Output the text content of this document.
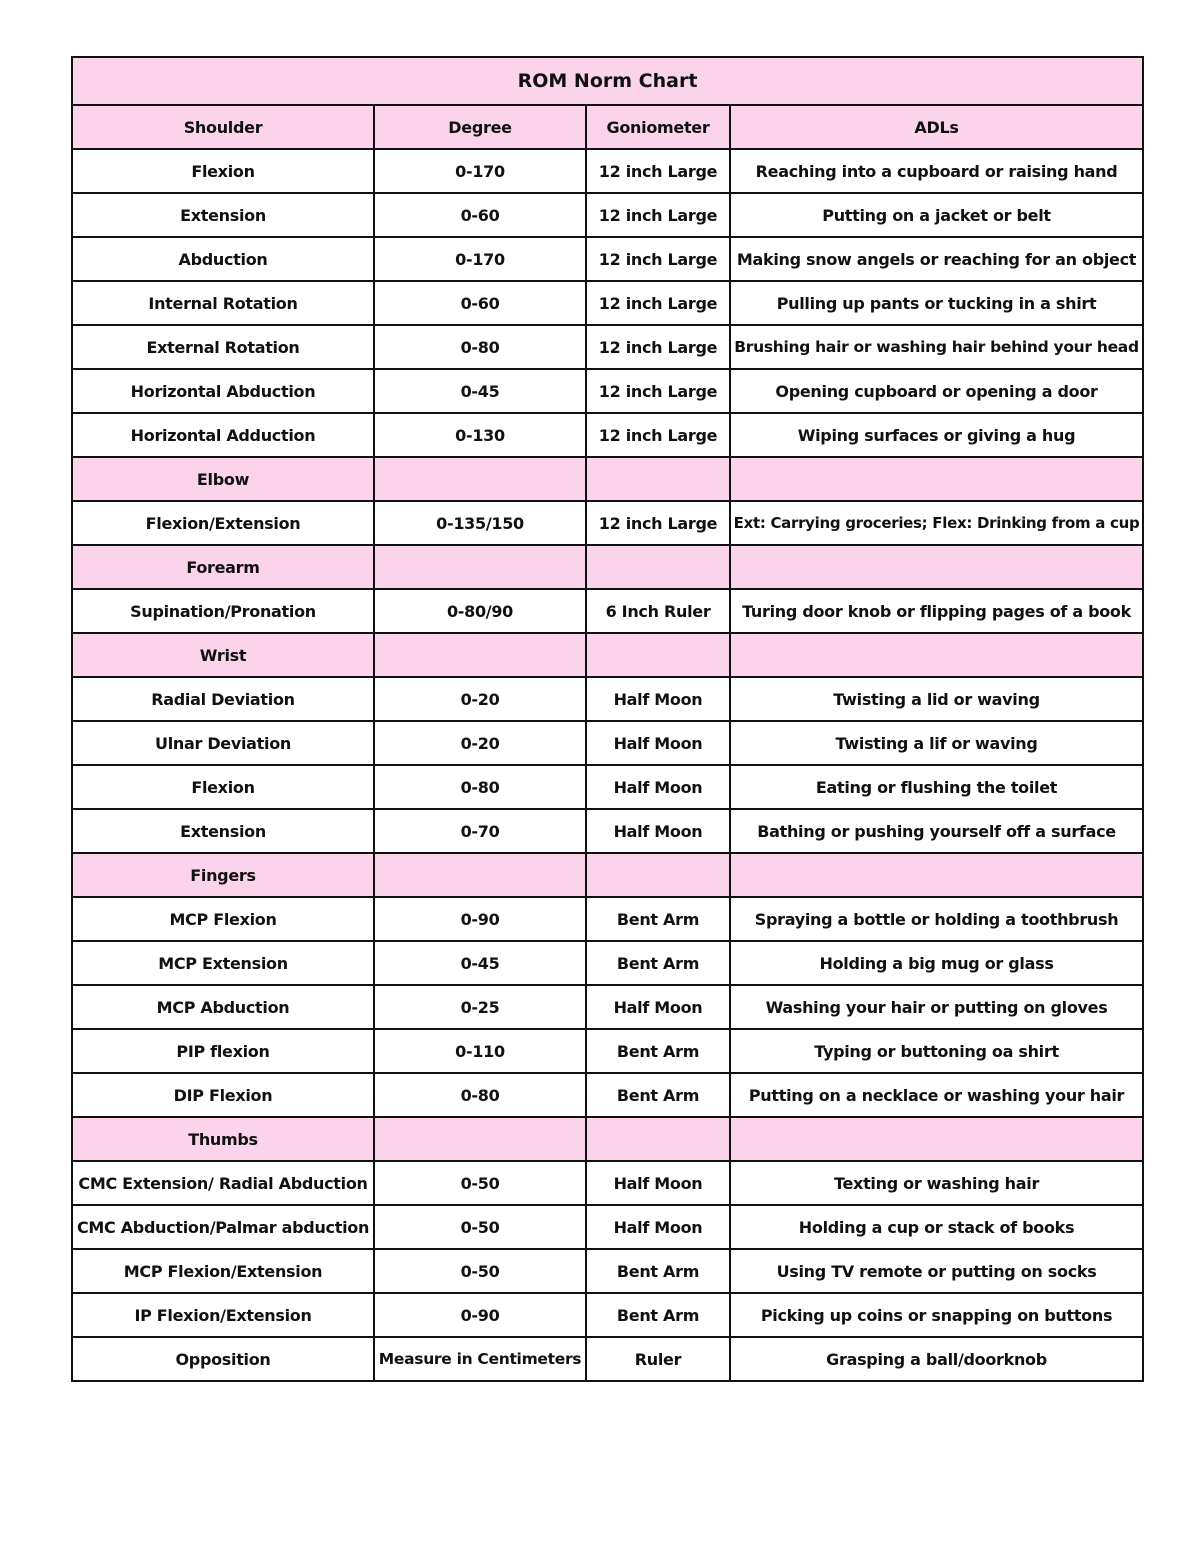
ROM Norm Chart			
Shoulder	Degree	Goniometer	ADLs
Flexion	0-170	12 inch Large	Reaching into a cupboard or raising hand
Extension	0-60	12 inch Large	Putting on a jacket or belt
Abduction	0-170	12 inch Large	Making snow angels or reaching for an object
Internal Rotation	0-60	12 inch Large	Pulling up pants or tucking in a shirt
External Rotation	0-80	12 inch Large	Brushing hair or washing hair behind your head
Horizontal Abduction	0-45	12 inch Large	Opening cupboard or opening a door
Horizontal Adduction	0-130	12 inch Large	Wiping surfaces or giving a hug
Elbow			
Flexion/Extension	0-135/150	12 inch Large	Ext: Carrying groceries; Flex: Drinking from a cup
Forearm			
Supination/Pronation	0-80/90	6 Inch Ruler	Turing door knob or flipping pages of a book
Wrist			
Radial Deviation	0-20	Half Moon	Twisting a lid or waving
Ulnar Deviation	0-20	Half Moon	Twisting a lif or waving
Flexion	0-80	Half Moon	Eating or flushing the toilet
Extension	0-70	Half Moon	Bathing or pushing yourself off a surface
Fingers			
MCP Flexion	0-90	Bent Arm	Spraying a bottle or holding a toothbrush
MCP Extension	0-45	Bent Arm	Holding a big mug or glass
MCP Abduction	0-25	Half Moon	Washing your hair or putting on gloves
PIP flexion	0-110	Bent Arm	Typing or buttoning oa shirt
DIP Flexion	0-80	Bent Arm	Putting on a necklace or washing your hair
Thumbs			
CMC Extension/ Radial Abduction	0-50	Half Moon	Texting or washing hair
CMC Abduction/Palmar abduction	0-50	Half Moon	Holding a cup or stack of books
MCP Flexion/Extension	0-50	Bent Arm	Using TV remote or putting on socks
IP Flexion/Extension	0-90	Bent Arm	Picking up coins or snapping on buttons
Opposition	Measure in Centimeters	Ruler	Grasping a ball/doorknob
